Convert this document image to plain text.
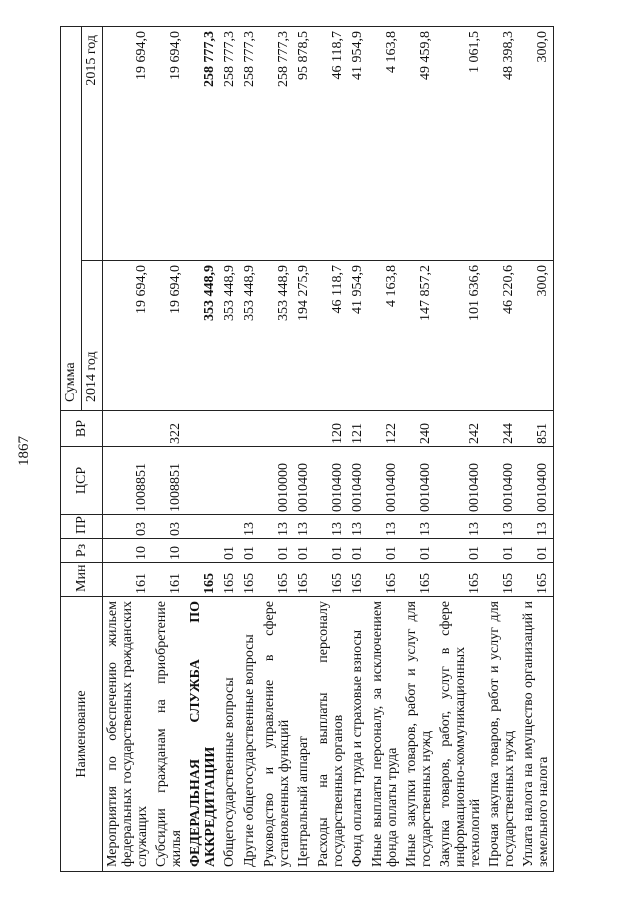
1867
Наименование	Мин	Рз	ПР	ЦСР	ВР	Сумма	
						2014 год	2015 год
Мероприятия по обеспечению жильем федеральных государственных гражданских служащих	161	10	03	1008851		19 694,0	19 694,0
Субсидии гражданам на приобретение жилья	161	10	03	1008851	322	19 694,0	19 694,0
ФЕДЕРАЛЬНАЯ СЛУЖБА ПО АККРЕДИТАЦИИ	165					353 448,9	258 777,3
Общегосударственные вопросы	165	01				353 448,9	258 777,3
Другие общегосударственные вопросы	165	01	13			353 448,9	258 777,3
Руководство и управление в сфере установленных функций	165	01	13	0010000		353 448,9	258 777,3
Центральный аппарат	165	01	13	0010400		194 275,9	95 878,5
Расходы на выплаты персоналу государственных органов	165	01	13	0010400	120	46 118,7	46 118,7
Фонд оплаты труда и страховые взносы	165	01	13	0010400	121	41 954,9	41 954,9
Иные выплаты персоналу, за исключением фонда оплаты труда	165	01	13	0010400	122	4 163,8	4 163,8
Иные закупки товаров, работ и услуг для государственных нужд	165	01	13	0010400	240	147 857,2	49 459,8
Закупка товаров, работ, услуг в сфере информационно-коммуникационных технологий	165	01	13	0010400	242	101 636,6	1 061,5
Прочая закупка товаров, работ и услуг для государственных нужд	165	01	13	0010400	244	46 220,6	48 398,3
Уплата налога на имущество организаций и земельного налога	165	01	13	0010400	851	300,0	300,0
